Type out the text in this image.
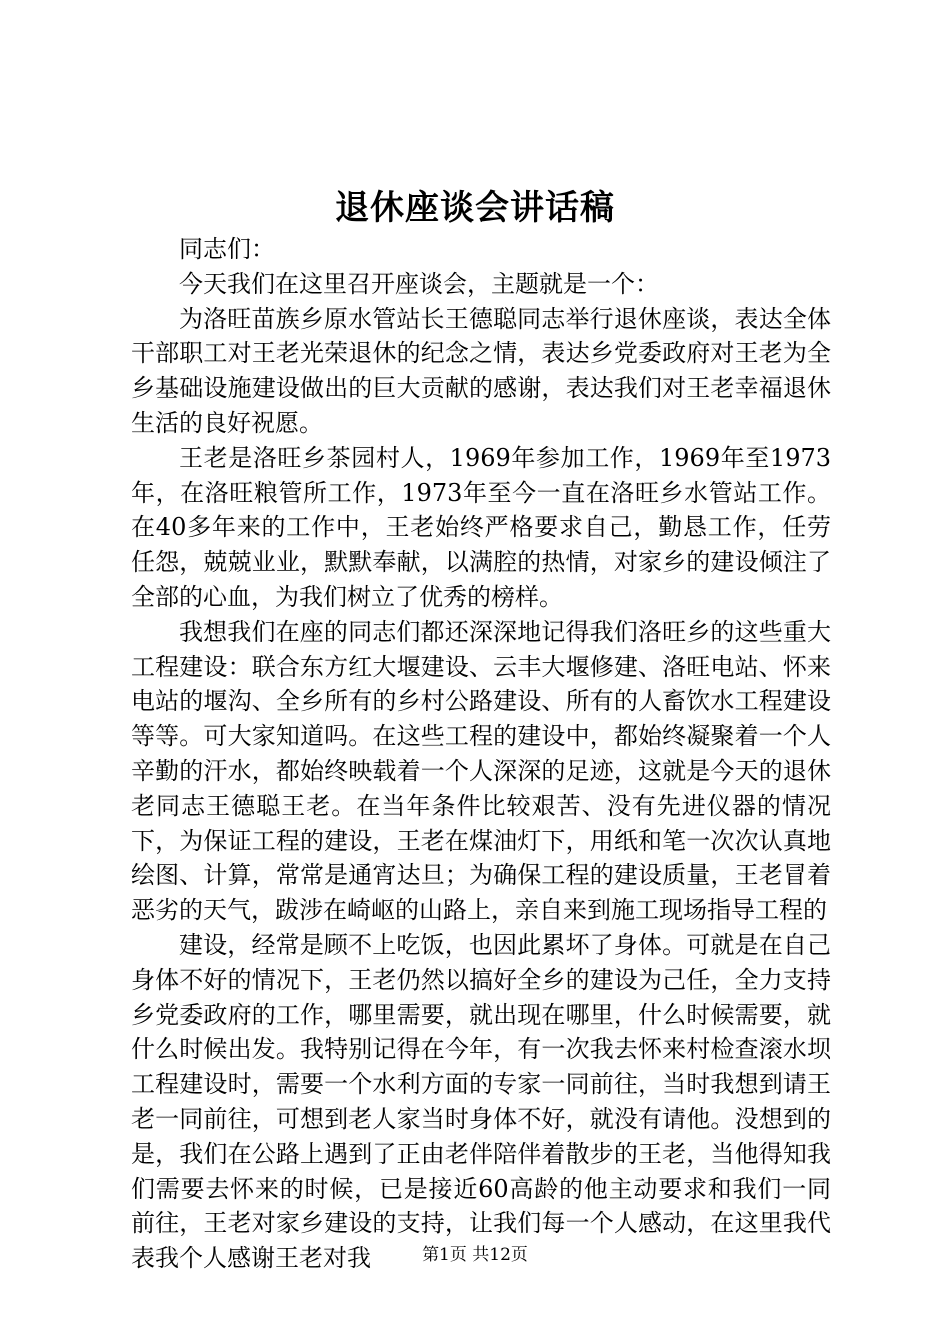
退休座谈会讲话稿

同志们：

今天我们在这里召开座谈会，主题就是一个：

为洛旺苗族乡原水管站长王德聪同志举行退休座谈，表达全体干部职工对王老光荣退休的纪念之情，表达乡党委政府对王老为全乡基础设施建设做出的巨大贡献的感谢，表达我们对王老幸福退休生活的良好祝愿。

王老是洛旺乡茶园村人，1969年参加工作，1969年至1973年，在洛旺粮管所工作，1973年至今一直在洛旺乡水管站工作。在40多年来的工作中，王老始终严格要求自己，勤恳工作，任劳任怨，兢兢业业，默默奉献，以满腔的热情，对家乡的建设倾注了全部的心血，为我们树立了优秀的榜样。

我想我们在座的同志们都还深深地记得我们洛旺乡的这些重大工程建设：联合东方红大堰建设、云丰大堰修建、洛旺电站、怀来电站的堰沟、全乡所有的乡村公路建设、所有的人畜饮水工程建设等等。可大家知道吗。在这些工程的建设中，都始终凝聚着一个人辛勤的汗水，都始终映载着一个人深深的足迹，这就是今天的退休老同志王德聪王老。在当年条件比较艰苦、没有先进仪器的情况下，为保证工程的建设，王老在煤油灯下，用纸和笔一次次认真地绘图、计算，常常是通宵达旦；为确保工程的建设质量，王老冒着恶劣的天气，跋涉在崎岖的山路上，亲自来到施工现场指导工程的

建设，经常是顾不上吃饭，也因此累坏了身体。可就是在自己身体不好的情况下，王老仍然以搞好全乡的建设为己任，全力支持乡党委政府的工作，哪里需要，就出现在哪里，什么时候需要，就什么时候出发。我特别记得在今年，有一次我去怀来村检查滚水坝工程建设时，需要一个水利方面的专家一同前往，当时我想到请王老一同前往，可想到老人家当时身体不好，就没有请他。没想到的是，我们在公路上遇到了正由老伴陪伴着散步的王老，当他得知我们需要去怀来的时候，已是接近60高龄的他主动要求和我们一同前往，王老对家乡建设的支持，让我们每一个人感动，在这里我代表我个人感谢王老对我	第1页 共12页
